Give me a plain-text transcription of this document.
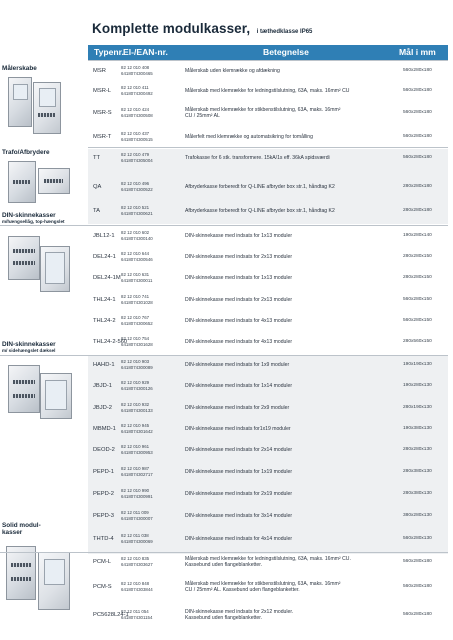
Komplette modulkasser, i tæthedklasse IP65
Typenr. El-/EAN-nr.	Betegnelse	Mål i mm
Målerskabe
Trafo/Afbrydere
DIN-skinnekasser
m/hængsellåg, top-hængslet
DIN-skinnekasser
m/ sidehængslet dæksel
Solid modul-kasser
MSR
82 12 010 408
6418074300465	Målerskab uden klemrække og afdækning	560x280x180
MSR-L
82 12 010 411
6418074300492	Målerskab med klemrække for ledningstilslutning, 63A, maks. 16mm² CU	560x280x180
MSR-S
82 12 010 424
6418074300508
Målerskab med klemrække for stikbenstilslutning, 63A, maks. 16mm²
CU / 25mm² AL
560x280x180
MSR-T
82 12 010 437
6418074300515	Målerfelt med klemrække og automatsikring for tomålling	560x280x180
TT
82 12 010 479
6418074305004	Trafokasse for 6 stk. transformere. 15kA/1s eff. 36kA spidsværdi	560x280x180
QA
82 12 010 496
6418074300522	Afbryderkasse forberedt for Q-LINE afbryder box str.1, håndtag K2	280x280x180
TA
82 12 010 521
6418074300621	Afbryderkasse forberedt for Q-LINE afbryder box str.1, håndtag K2	280x280x180
JBL12-1
82 12 010 602
6418074300140	DIN-skinnekasse med indsats for 1x13 moduler	190x280x140
DEL24-1
82 12 010 644
6418074300546	DIN-skinnekasse med indsats for 2x13 moduler	280x280x150
DEL24-1M
82 12 010 631
6418074300011	DIN-skinnekasse med indsats for 1x13 moduler	280x280x150
THL24-1
82 12 010 741
6418074301028	DIN-skinnekasse med indsats for 2x13 moduler	560x280x150
THL24-2
82 12 010 767
6418074300652	DIN-skinnekasse med indsats for 4x13 moduler	560x280x150
THL24-2-560
82 12 010 754
6418074301628	DIN-skinnekasse med indsats for 4x13 moduler	280x560x150
HAHD-1
82 12 010 903
6418074300089	DIN-skinnekasse med indsats for 1x9 moduler	190x190x130
JBJD-1
82 12 010 929
6418074300126	DIN-skinnekasse med indsats for 1x14 moduler	190x280x130
JBJD-2
82 12 010 932
6418074300133	DIN-skinnekasse med indsats for 2x9 moduler	280x190x130
MBMD-1
82 12 010 945
6418074301642	DIN-skinnekasse med indsats for1x19 moduler	190x380x130
DEOD-2
82 12 010 961
6418074300953	DIN-skinnekasse med indsats for 2x14 moduler	280x280x130
PEPD-1
82 12 010 987
6418074302717	DIN-skinnekasse med indsats for 1x19 moduler	280x380x130
PEPD-2
82 12 010 990
6418074300991	DIN-skinnekasse med indsats for 2x19 moduler	280x380x130
PEPD-3
82 12 011 009
6418074300007	DIN-skinnekasse med indsats for 3x14 moduler	380x280x130
THTD-4
82 12 011 038
6418074300069	DIN-skinnekasse med indsats for 4x14 moduler	560x280x130
PCM-L
82 12 010 835
6418074303627
Målerskab med klemrække for ledningstilslutning, 63A, maks. 16mm² CU.
Kassebund uden flangeblanketter.
560x280x180
PCM-S
82 12 010 848
6418074303844
Målerskab med klemrække for stikbenstilslutning, 63A, maks. 16mm²
CU / 25mm² AL. Kassebund uden flangeblanketter.
560x280x180
PC5628L24-1
82 12 011 054
6418074301154
DIN-skinnekasse med indsats for 2x12 moduler.
Kassebund uden flangeblanketter.
560x280x180
